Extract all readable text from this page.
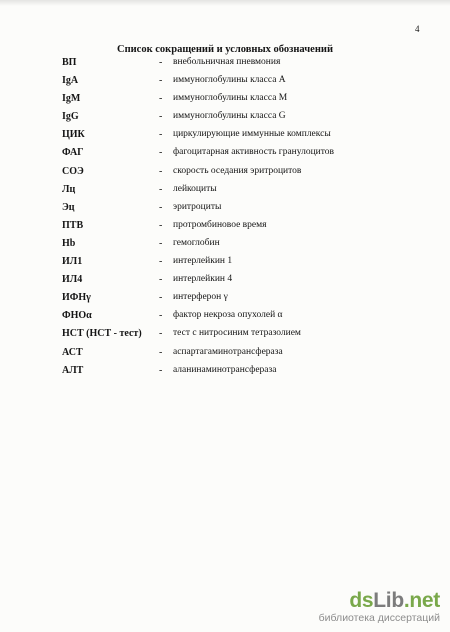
4
Список сокращений и условных обозначений
ВП	- внебольничная пневмония
IgA	- иммуноглобулины класса А
IgM	- иммуноглобулины класса М
IgG	- иммуноглобулины класса G
ЦИК	- циркулирующие иммунные комплексы
ФАГ	- фагоцитарная активность гранулоцитов
СОЭ	- скорость оседания эритроцитов
Лц	- лейкоциты
Эц	- эритроциты
ПТВ	- протромбиновое время
Hb	- гемоглобин
ИЛ1	- интерлейкин 1
ИЛ4	- интерлейкин 4
ИФНγ	- интерферон γ
ФНОα	- фактор некроза опухолей α
НСТ (НСТ - тест) - тест с нитросиним тетразолием
АСТ	- аспартагаминотрансфераза
АЛТ	- аланинаминотрансфераза
dsLib.net
библиотека диссертаций
